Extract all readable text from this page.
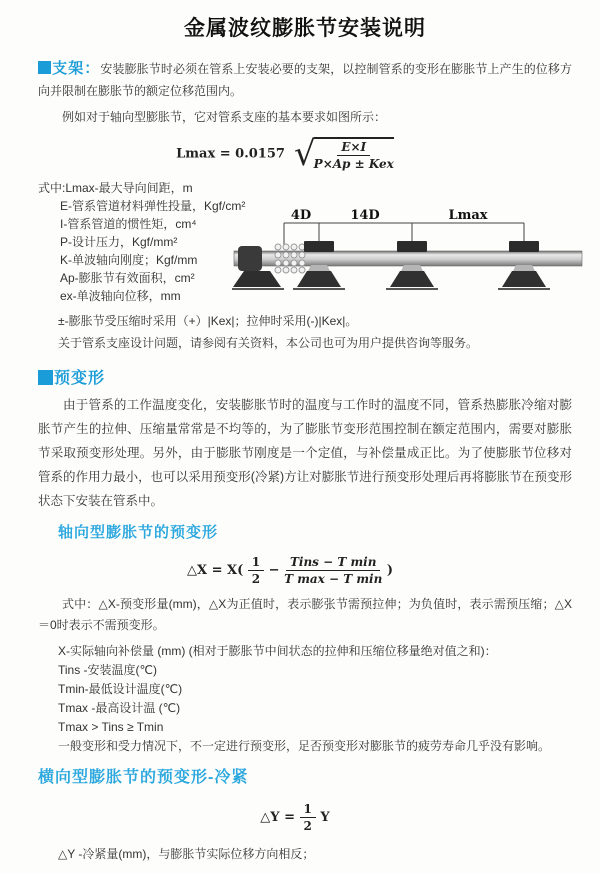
金属波纹膨胀节安装说明

支架：安装膨胀节时必须在管系上安装必要的支架，以控制管系的变形在膨胀节上产生的位移方向并限制在膨胀节的额定位移范围内。

例如对于轴向型膨胀节，它对管系支座的基本要求如图所示：

Lmax = 0.0157 √
$\frac{E\times I}{\text{P×Ap ± Kex}}$
式中:Lmax-最大导向间距，m
E-管系管道材料弹性投量，Kgf/cm²
I-管系管道的惯性矩，cm⁴
P-设计压力，Kgf/mm²
K-单波轴向刚度；Kgf/mm
Ap-膨胀节有效面积，cm²
ex-单波轴向位移，mm
4D	14D	Lmax

±-膨胀节受压缩时采用（+）|Kex|；拉伸时采用(-)|Kex|。

关于管系支座设计问题，请参阅有关资料，本公司也可为用户提供咨询等服务。

预变形

由于管系的工作温度变化，安装膨胀节时的温度与工作时的温度不同，管系热膨胀冷缩对膨胀节产生的拉伸、压缩量常常是不均等的，为了膨胀节变形范围控制在额定范围内，需要对膨胀节采取预变形处理。另外，由于膨胀节刚度是一个定值，与补偿量成正比。为了使膨胀节位移对管系的作用力最小，也可以采用预变形(冷紧)方让对膨胀节进行预变形处理后再将膨胀节在预变形状态下安装在管系中。

轴向型膨胀节的预变形
△X = $X( \frac{1}{2} - \frac{\text{Tins − T min}}{\text{T max − T min}}$ )

式中：△X-预变形量(mm)，△X为正值时，表示膨张节需预拉伸；为负值时，表示需预压缩；△X＝0时表示不需预变形。

X-实际轴向补偿量 (mm) (相对于膨胀节中间状态的拉伸和压缩位移量绝对值之和)：

Tins -安装温度(℃)
Tmin-最低设计温度(℃)
Tmax -最高设计温 (℃)
Tmax > Tins ≥ Tmin

一般变形和受力情况下，不一定进行预变形，足否预变形对膨胀节的疲劳寿命几乎没有影响。

横向型膨胀节的预变形-冷紧
△Y = $\frac{1}{2}$ Y

△Y -冷紧量(mm)，与膨胀节实际位移方向相反；
